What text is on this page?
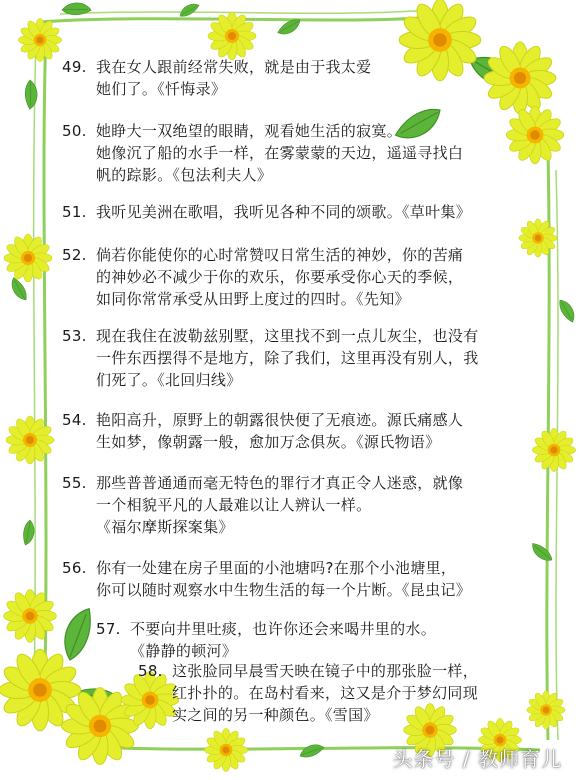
49. 我在女人跟前经常失败，就是由于我太爱
她们了。《忏悔录》
50. 她睁大一双绝望的眼睛，观看她生活的寂寞。
她像沉了船的水手一样，在雾蒙蒙的天边，遥遥寻找白
帆的踪影。《包法利夫人》
51. 我听见美洲在歌唱，我听见各种不同的颂歌。《草叶集》
52. 倘若你能使你的心时常赞叹日常生活的神妙，你的苦痛
的神妙必不减少于你的欢乐，你要承受你心天的季候，
如同你常常承受从田野上度过的四时。《先知》
53. 现在我住在波勒兹别墅，这里找不到一点儿灰尘，也没有
一件东西摆得不是地方，除了我们，这里再没有别人，我
们死了。《北回归线》
54. 艳阳高升，原野上的朝露很快便了无痕迹。源氏痛感人
生如梦，像朝露一般，愈加万念俱灰。《源氏物语》
55. 那些普普通通而毫无特色的罪行才真正令人迷惑，就像
一个相貌平凡的人最难以让人辨认一样。
《福尔摩斯探案集》
56. 你有一处建在房子里面的小池塘吗?在那个小池塘里，
你可以随时观察水中生物生活的每一个片断。《昆虫记》
57. 不要向井里吐痰，也许你还会来喝井里的水。
《静静的顿河》
58. 这张脸同早晨雪天映在镜子中的那张脸一样，
红扑扑的。在岛村看来，这又是介于梦幻同现
实之间的另一种颜色。《雪国》
头条号 / 教师育儿
